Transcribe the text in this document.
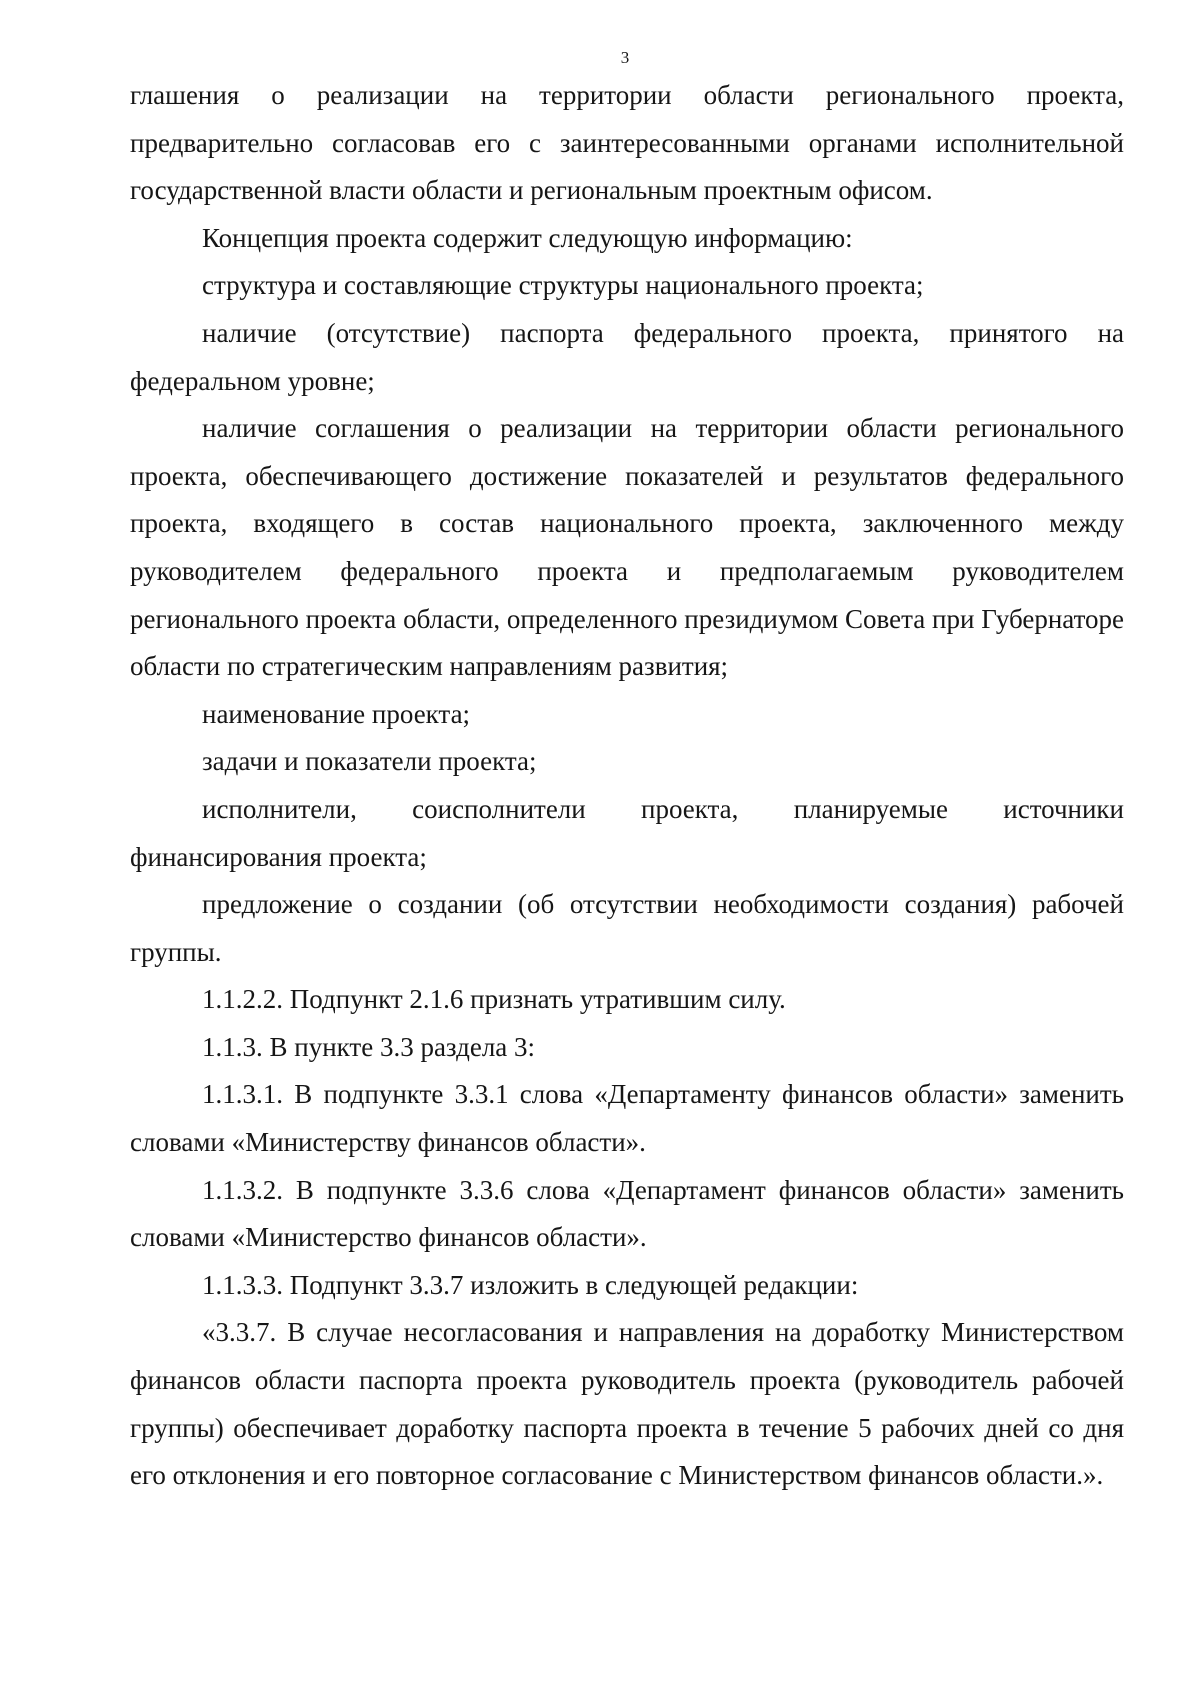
3

глашения о реализации на территории области регионального проекта, предварительно согласовав его с заинтересованными органами исполнительной государственной власти области и региональным проектным офисом.

Концепция проекта содержит следующую информацию:

структура и составляющие структуры национального проекта;

наличие (отсутствие) паспорта федерального проекта, принятого на федеральном уровне;

наличие соглашения о реализации на территории области регионального проекта, обеспечивающего достижение показателей и результатов федерального проекта, входящего в состав национального проекта, заключенного между руководителем федерального проекта и предполагаемым руководителем регионального проекта области, определенного президиумом Совета при Губернаторе области по стратегическим направлениям развития;

наименование проекта;

задачи и показатели проекта;

исполнители, соисполнители проекта, планируемые источники финансирования проекта;

предложение о создании (об отсутствии необходимости создания) рабочей группы.

1.1.2.2. Подпункт 2.1.6 признать утратившим силу.

1.1.3. В пункте 3.3 раздела 3:

1.1.3.1. В подпункте 3.3.1 слова «Департаменту финансов области» заменить словами «Министерству финансов области».

1.1.3.2. В подпункте 3.3.6 слова «Департамент финансов области» заменить словами «Министерство финансов области».

1.1.3.3. Подпункт 3.3.7 изложить в следующей редакции:

«3.3.7. В случае несогласования и направления на доработку Министерством финансов области паспорта проекта руководитель проекта (руководитель рабочей группы) обеспечивает доработку паспорта проекта в течение 5 рабочих дней со дня его отклонения и его повторное согласование с Министерством финансов области.».
